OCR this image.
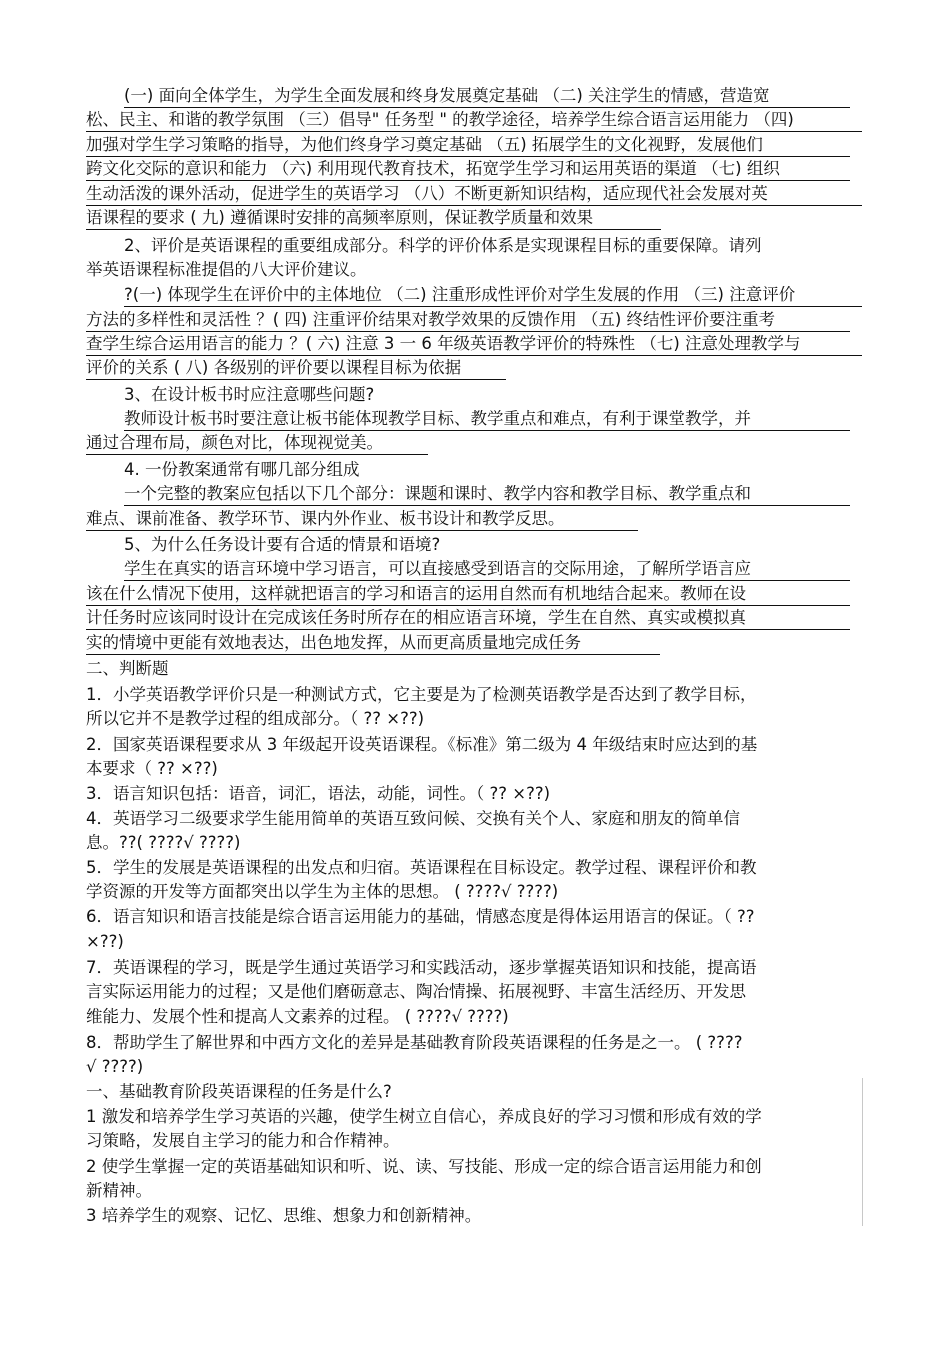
(一) 面向全体学生，为学生全面发展和终身发展奠定基础 （二) 关注学生的情感，营造宽
松、民主、和谐的教学氛围 （三）倡导" 任务型 " 的教学途径，培养学生综合语言运用能力 （四)
加强对学生学习策略的指导，为他们终身学习奠定基础 （五) 拓展学生的文化视野，发展他们
跨文化交际的意识和能力 （六) 利用现代教育技术，拓宽学生学习和运用英语的渠道 （七) 组织
生动活泼的课外活动，促进学生的英语学习 （八）不断更新知识结构，适应现代社会发展对英
语课程的要求 ( 九) 遵循课时安排的高频率原则，保证教学质量和效果
2、评价是英语课程的重要组成部分。科学的评价体系是实现课程目标的重要保障。请列
举英语课程标准提倡的八大评价建议。
?(一) 体现学生在评价中的主体地位 （二) 注重形成性评价对学生发展的作用 （三) 注意评价
方法的多样性和灵活性 ？( 四) 注重评价结果对教学效果的反馈作用 （五) 终结性评价要注重考
查学生综合运用语言的能力 ？( 六) 注意 3 一 6 年级英语教学评价的特殊性 （七) 注意处理教学与
评价的关系 ( 八) 各级别的评价要以课程目标为依据
3、在设计板书时应注意哪些问题?
教师设计板书时要注意让板书能体现教学目标、教学重点和难点，有利于课堂教学，并
通过合理布局，颜色对比，体现视觉美。
4. 一份教案通常有哪几部分组成
一个完整的教案应包括以下几个部分：课题和课时、教学内容和教学目标、教学重点和
难点、课前准备、教学环节、课内外作业、板书设计和教学反思。
5、为什么任务设计要有合适的情景和语境?
学生在真实的语言环境中学习语言，可以直接感受到语言的交际用途，了解所学语言应
该在什么情况下使用，这样就把语言的学习和语言的运用自然而有机地结合起来。教师在设
计任务时应该同时设计在完成该任务时所存在的相应语言环境，学生在自然、真实或模拟真
实的情境中更能有效地表达，出色地发挥，从而更高质量地完成任务
二、判断题
1．小学英语教学评价只是一种测试方式，它主要是为了检测英语教学是否达到了教学目标，
所以它并不是教学过程的组成部分。（ ?? ×??)
2．国家英语课程要求从 3 年级起开设英语课程。《标准》第二级为 4 年级结束时应达到的基
本要求（ ?? ×??)
3．语言知识包括：语音，词汇，语法，动能，词性。（ ?? ×??)
4．英语学习二级要求学生能用简单的英语互致问候、交换有关个人、家庭和朋友的简单信
息。??( ????√ ????)
5．学生的发展是英语课程的出发点和归宿。英语课程在目标设定。教学过程、课程评价和教
学资源的开发等方面都突出以学生为主体的思想。 ( ????√ ????)
6．语言知识和语言技能是综合语言运用能力的基础，情感态度是得体运用语言的保证。（ ??
×??)
7．英语课程的学习，既是学生通过英语学习和实践活动，逐步掌握英语知识和技能，提高语
言实际运用能力的过程；又是他们磨砺意志、陶冶情操、拓展视野、丰富生活经历、开发思
维能力、发展个性和提高人文素养的过程。 ( ????√ ????)
8．帮助学生了解世界和中西方文化的差异是基础教育阶段英语课程的任务是之一。 ( ????
√ ????)
一、基础教育阶段英语课程的任务是什么?
1 激发和培养学生学习英语的兴趣，使学生树立自信心，养成良好的学习习惯和形成有效的学
习策略，发展自主学习的能力和合作精神。
2 使学生掌握一定的英语基础知识和听、说、读、写技能、形成一定的综合语言运用能力和创
新精神。
3 培养学生的观察、记忆、思维、想象力和创新精神。
